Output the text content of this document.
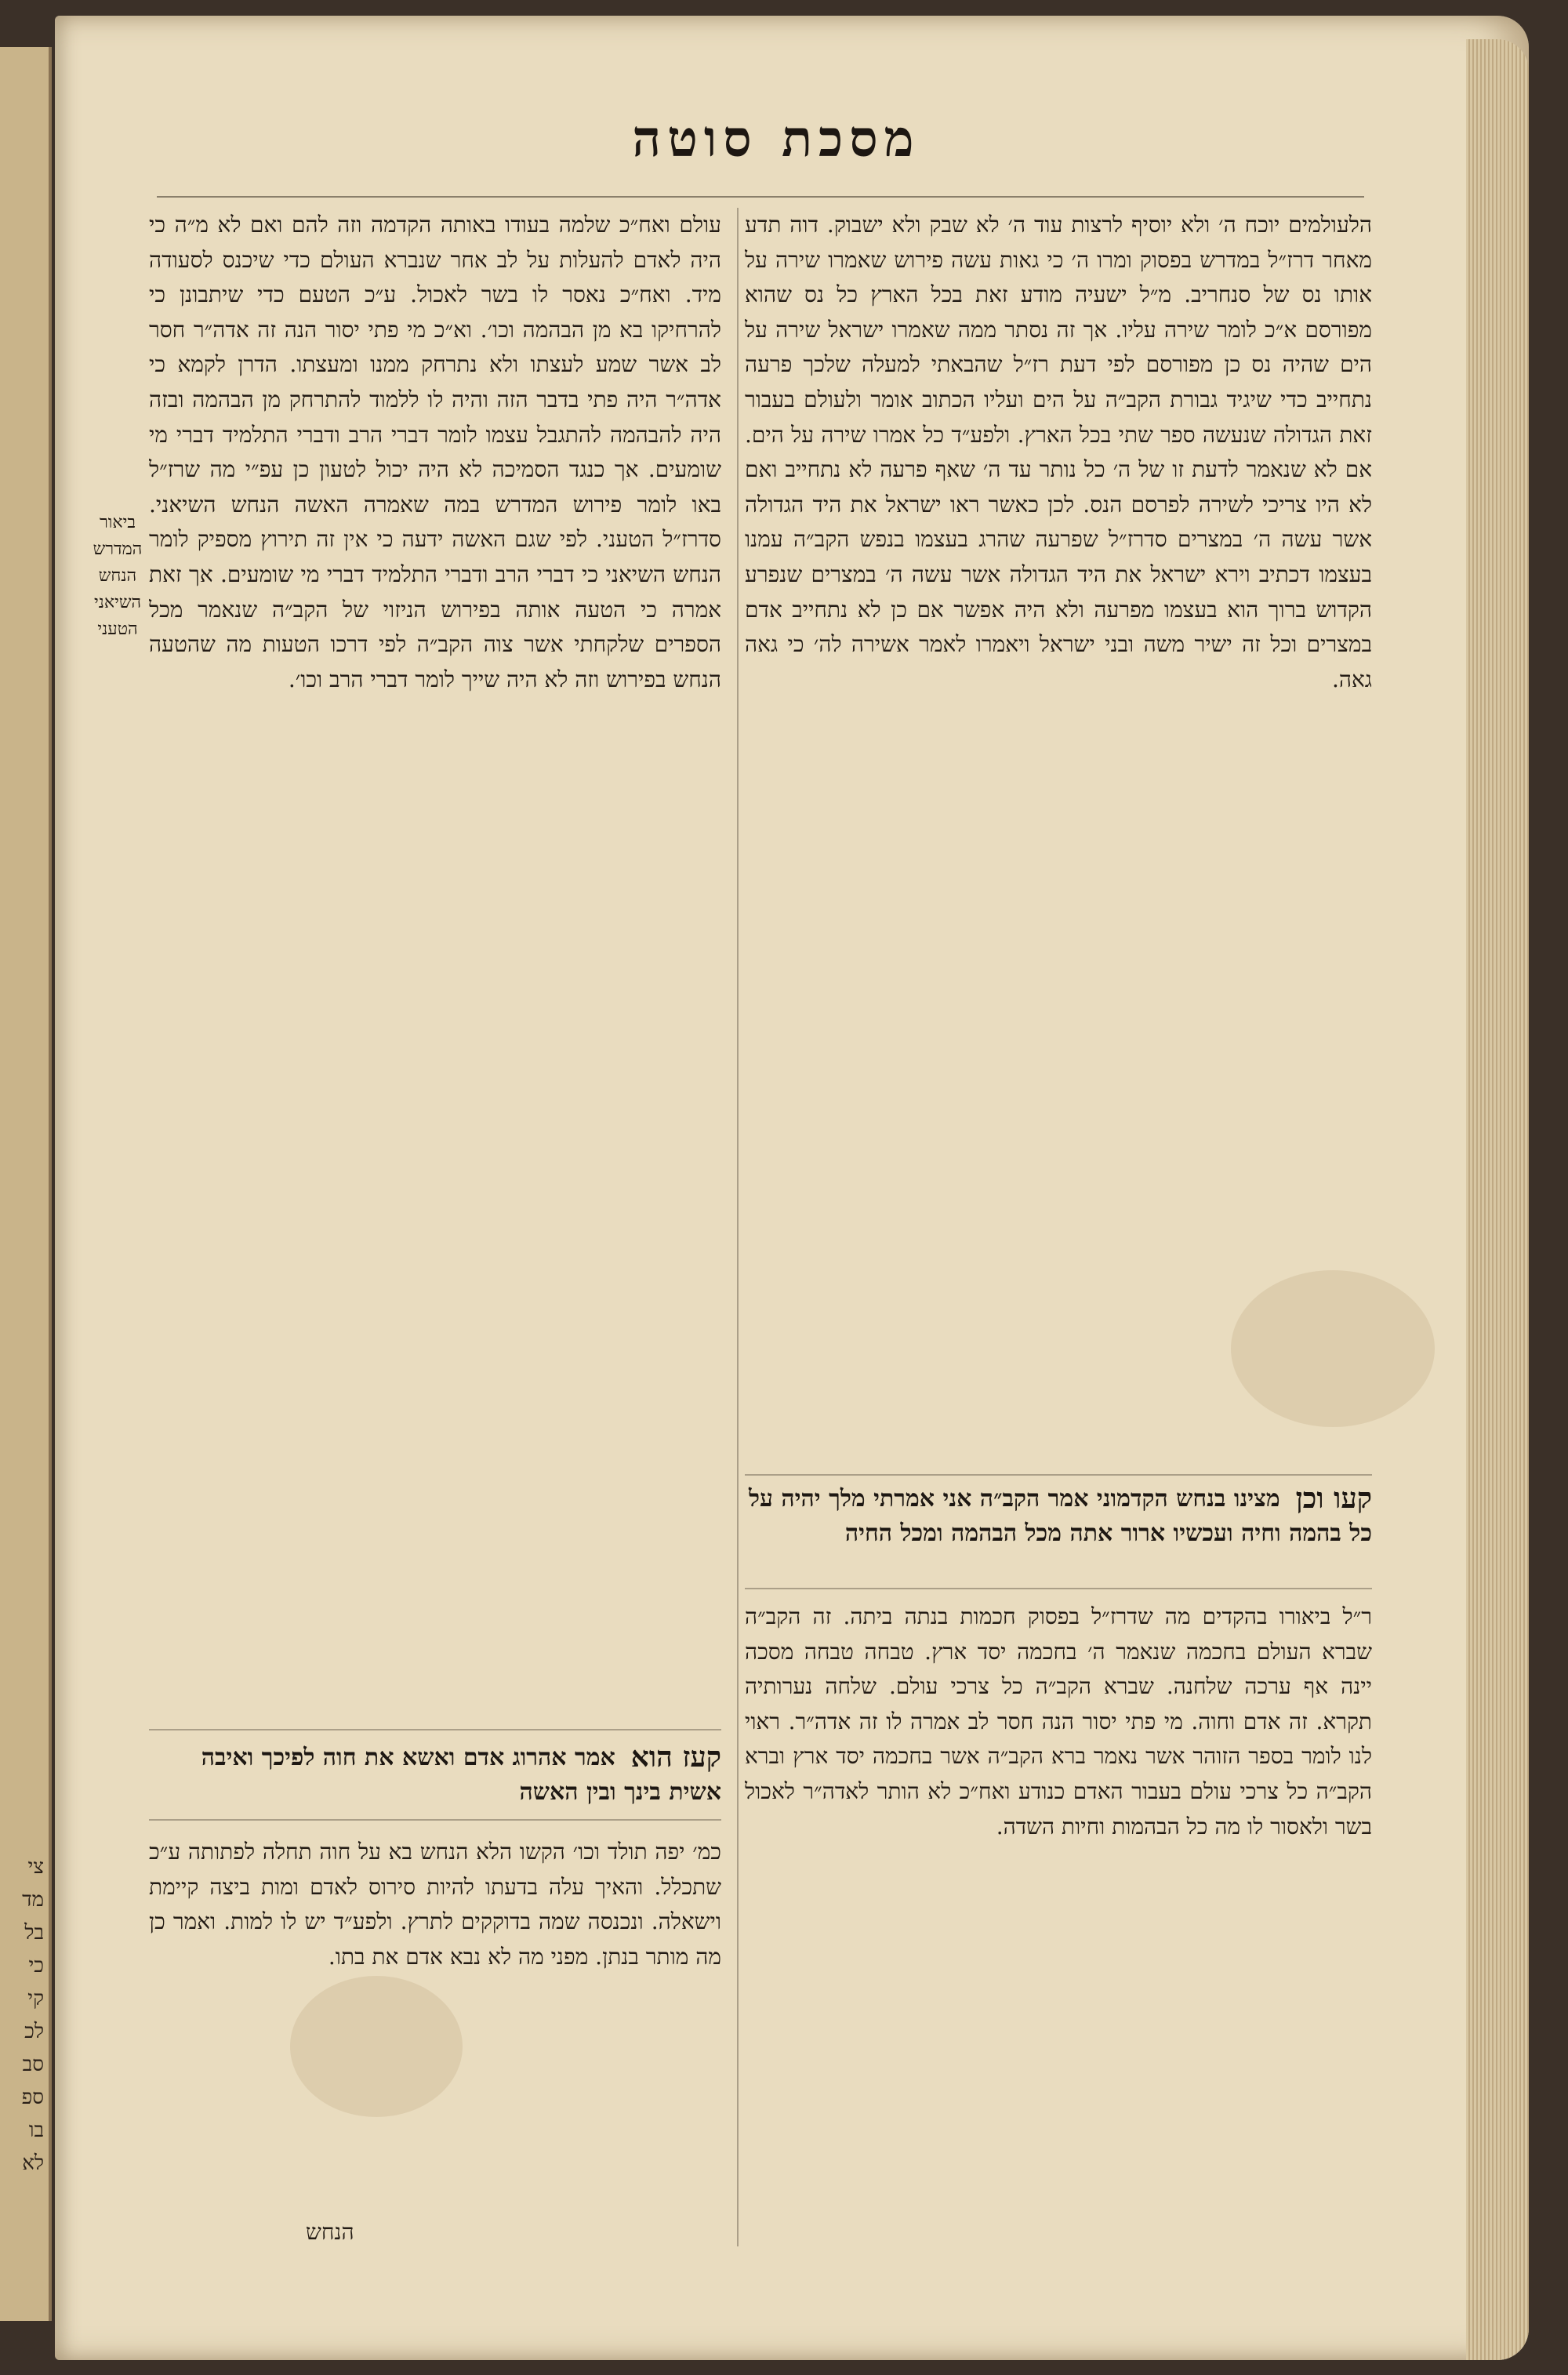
צי מד בל כי קי לכ סב ספ בו לא
מסכת סוטה
הלעולמים יוכח ה׳ ולא יוסיף לרצות עוד ה׳ לא שבק ולא ישבוק. דוה תדע מאחר דרז״ל במדרש בפסוק ומרו ה׳ כי גאות עשה פירוש שאמרו שירה על אותו נס של סנחריב. מ״ל ישעיה מודע זאת בכל הארץ כל נס שהוא מפורסם א״כ לומר שירה עליו. אך זה נסתר ממה שאמרו ישראל שירה על הים שהיה נס כן מפורסם לפי דעת רז״ל שהבאתי למעלה שלכך פרעה נתחייב כדי שיגיד גבורת הקב״ה על הים ועליו הכתוב אומר ולעולם בעבור זאת הגדולה שנעשה ספר שתי בכל הארץ. ולפע״ד כל אמרו שירה על הים. אם לא שנאמר לדעת זו של ה׳ כל נותר עד ה׳ שאף פרעה לא נתחייב ואם לא היו צריכי לשירה לפרסם הנס. לכן כאשר ראו ישראל את היד הגדולה אשר עשה ה׳ במצרים סדרז״ל שפרעה שהרג בעצמו בנפש הקב״ה עמנו בעצמו דכתיב וירא ישראל את היד הגדולה אשר עשה ה׳ במצרים שנפרע הקדוש ברוך הוא בעצמו מפרעה ולא היה אפשר אם כן לא נתחייב אדם במצרים וכל זה ישיר משה ובני ישראל ויאמרו לאמר אשירה לה׳ כי גאה גאה.
עולם ואח״כ שלמה בעודו באותה הקדמה וזה להם ואם לא מ״ה כי היה לאדם להעלות על לב אחר שנברא העולם כדי שיכנס לסעודה מיד. ואח״כ נאסר לו בשר לאכול. ע״כ הטעם כדי שיתבונן כי להרחיקו בא מן הבהמה וכו׳. וא״כ מי פתי יסור הנה זה אדה״ר חסר לב אשר שמע לעצתו ולא נתרחק ממנו ומעצתו. הדרן לקמא כי אדה״ר היה פתי בדבר הזה והיה לו ללמוד להתרחק מן הבהמה ובזה היה להבהמה להתגבל עצמו לומר דברי הרב ודברי התלמיד דברי מי שומעים. אך כנגד הסמיכה לא היה יכול לטעון כן עפ״י מה שרז״ל באו לומר פירוש המדרש במה שאמרה האשה הנחש השיאני. סדרז״ל הטעני. לפי שגם האשה ידעה כי אין זה תירוץ מספיק לומר הנחש השיאני כי דברי הרב ודברי התלמיד דברי מי שומעים. אך זאת אמרה כי הטעה אותה בפירוש הניזוי של הקב״ה שנאמר מכל הספרים שלקחתי אשר צוה הקב״ה לפי דרכו הטעות מה שהטעה הנחש בפירוש וזה לא היה שייך לומר דברי הרב וכו׳.
ביאור המדרש הנחש השיאני הטעני
קעו וכן
מצינו בנחש הקדמוני אמר הקב״ה אני אמרתי מלך יהיה על כל בהמה וחיה ועכשיו ארור אתה מכל הבהמה ומכל החיה
קעז הוא
אמר אהרוג אדם ואשא את חוה לפיכך ואיבה אשית בינך ובין האשה
ר״ל ביאורו בהקדים מה שדרז״ל בפסוק חכמות בנתה ביתה. זה הקב״ה שברא העולם בחכמה שנאמר ה׳ בחכמה יסד ארץ. טבחה טבחה מסכה יינה אף ערכה שלחנה. שברא הקב״ה כל צרכי עולם. שלחה נערותיה תקרא. זה אדם וחוה. מי פתי יסור הנה חסר לב אמרה לו זה אדה״ר. ראוי לנו לומר בספר הזוהר אשר נאמר ברא הקב״ה אשר בחכמה יסד ארץ וברא הקב״ה כל צרכי עולם בעבור האדם כנודע ואח״כ לא הותר לאדה״ר לאכול בשר ולאסור לו מה כל הבהמות וחיות השדה.
כמ׳ יפה תולד וכו׳ הקשו הלא הנחש בא על חוה תחלה לפתותה ע״כ שתכלל. והאיך עלה בדעתו להיות סירוס לאדם ומות ביצה קיימת וישאלה. ונכנסה שמה בדוקקים לתרץ. ולפע״ד יש לו למות. ואמר כן מה מותר בנתן. מפני מה לא נבא אדם את בתו.
הנחש
